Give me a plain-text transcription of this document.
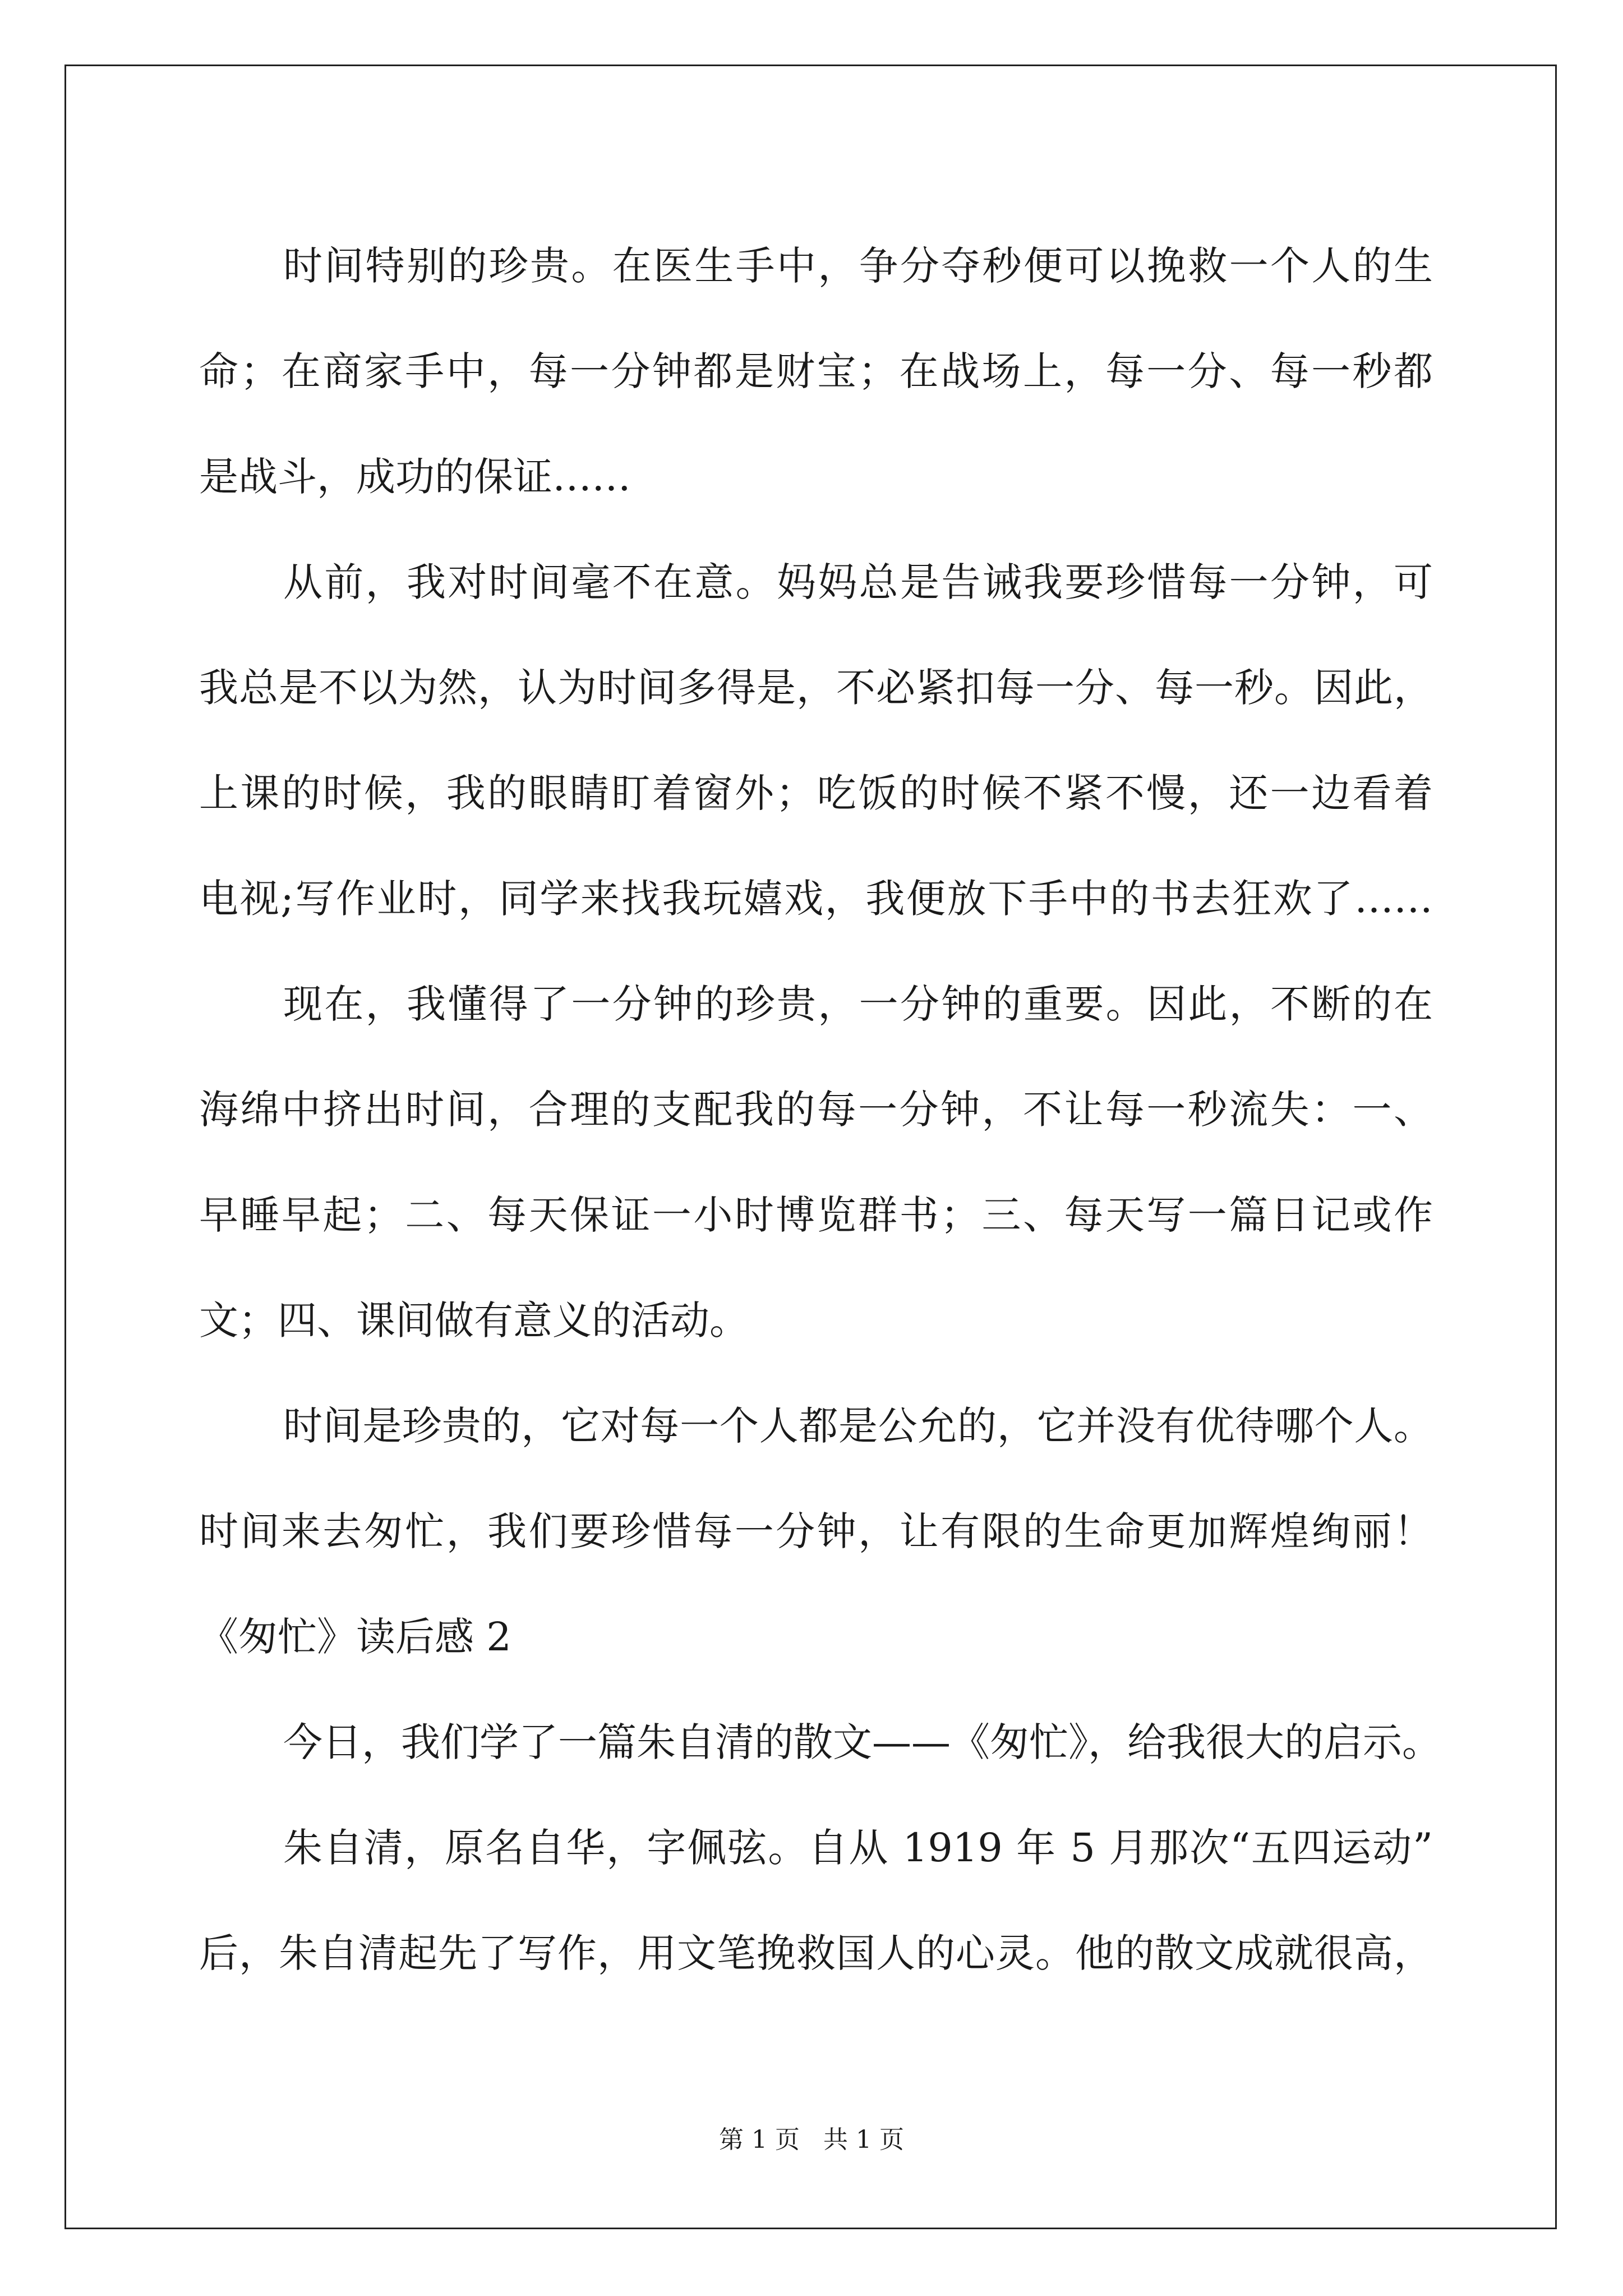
时间特别的珍贵。在医生手中，争分夺秒便可以挽救一个人的生
命；在商家手中，每一分钟都是财宝；在战场上，每一分、每一秒都
是战斗，成功的保证……
从前，我对时间毫不在意。妈妈总是告诫我要珍惜每一分钟，可
我总是不以为然，认为时间多得是，不必紧扣每一分、每一秒。因此，
上课的时候，我的眼睛盯着窗外；吃饭的时候不紧不慢，还一边看着
电视;写作业时，同学来找我玩嬉戏，我便放下手中的书去狂欢了……
现在，我懂得了一分钟的珍贵，一分钟的重要。因此，不断的在
海绵中挤出时间，合理的支配我的每一分钟，不让每一秒流失：一、
早睡早起；二、每天保证一小时博览群书；三、每天写一篇日记或作
文；四、课间做有意义的活动。
时间是珍贵的，它对每一个人都是公允的，它并没有优待哪个人。
时间来去匆忙，我们要珍惜每一分钟，让有限的生命更加辉煌绚丽！
《匆忙》读后感 2
今日，我们学了一篇朱自清的散文——《匆忙》，给我很大的启示。
朱自清，原名自华，字佩弦。自从 1919 年 5 月那次“五四运动”
后，朱自清起先了写作，用文笔挽救国人的心灵。他的散文成就很高，
第 1 页   共 1 页
